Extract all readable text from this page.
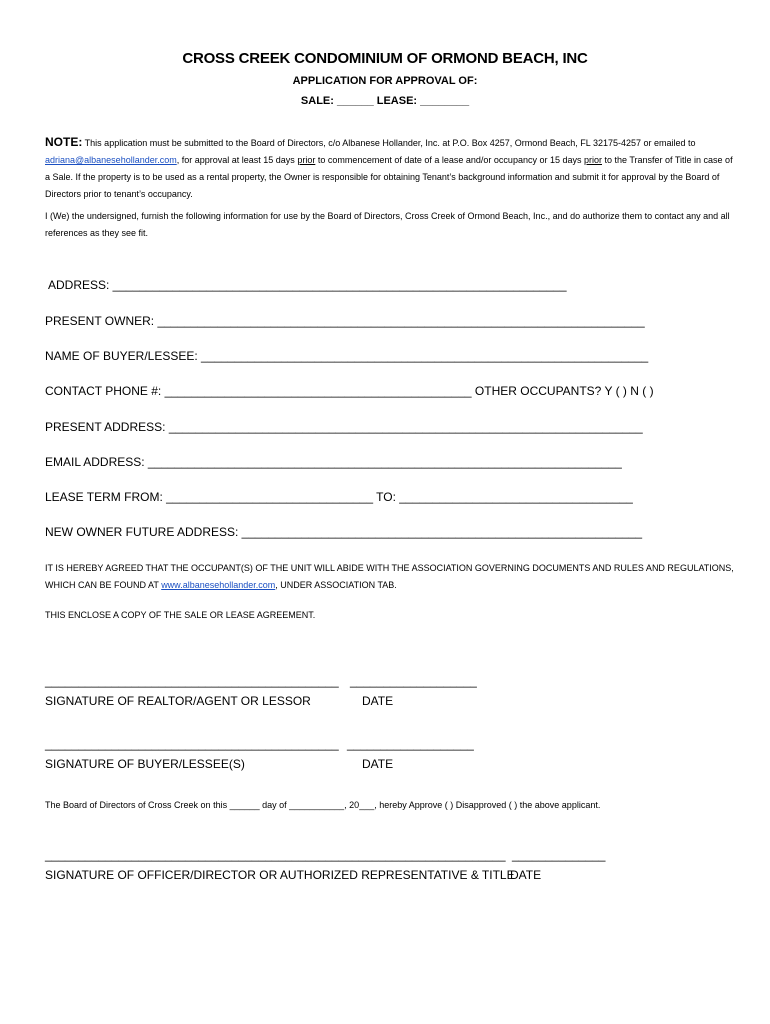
CROSS CREEK CONDOMINIUM OF ORMOND BEACH, INC
APPLICATION FOR APPROVAL OF:
SALE: ______ LEASE: ________
NOTE: This application must be submitted to the Board of Directors, c/o Albanese Hollander, Inc. at P.O. Box 4257, Ormond Beach, FL 32175-4257 or emailed to adriana@albanesehollander.com, for approval at least 15 days prior to commencement of date of a lease and/or occupancy or 15 days prior to the Transfer of Title in case of a Sale. If the property is to be used as a rental property, the Owner is responsible for obtaining Tenant’s background information and submit it for approval by the Board of Directors prior to tenant’s occupancy.
I (We) the undersigned, furnish the following information for use by the Board of Directors, Cross Creek of Ormond Beach, Inc., and do authorize them to contact any and all references as they see fit.
ADDRESS: ____________________________________________________________________
PRESENT OWNER: _________________________________________________________________________
NAME OF BUYER/LESSEE: ___________________________________________________________________
CONTACT PHONE #: ______________________________________________ OTHER OCCUPANTS? Y ( ) N ( )
PRESENT ADDRESS: _______________________________________________________________________
EMAIL ADDRESS: _______________________________________________________________________
LEASE TERM FROM: _______________________________ TO: ___________________________________
NEW OWNER FUTURE ADDRESS: ____________________________________________________________
IT IS HEREBY AGREED THAT THE OCCUPANT(S) OF THE UNIT WILL ABIDE WITH THE ASSOCIATION GOVERNING DOCUMENTS AND RULES AND REGULATIONS, WHICH CAN BE FOUND AT www.albanesehollander.com, UNDER ASSOCIATION TAB.
THIS ENCLOSE A COPY OF THE SALE OR LEASE AGREEMENT.
____________________________________________ ___________________
SIGNATURE OF REALTOR/AGENT OR LESSOR	DATE
____________________________________________ ___________________
SIGNATURE OF BUYER/LESSEE(S)	DATE
The Board of Directors of Cross Creek on this ______ day of ___________, 20___, hereby Approve ( ) Disapproved ( ) the above applicant.
_____________________________________________________________________ ______________
SIGNATURE OF OFFICER/DIRECTOR OR AUTHORIZED REPRESENTATIVE & TITLE
DATE
